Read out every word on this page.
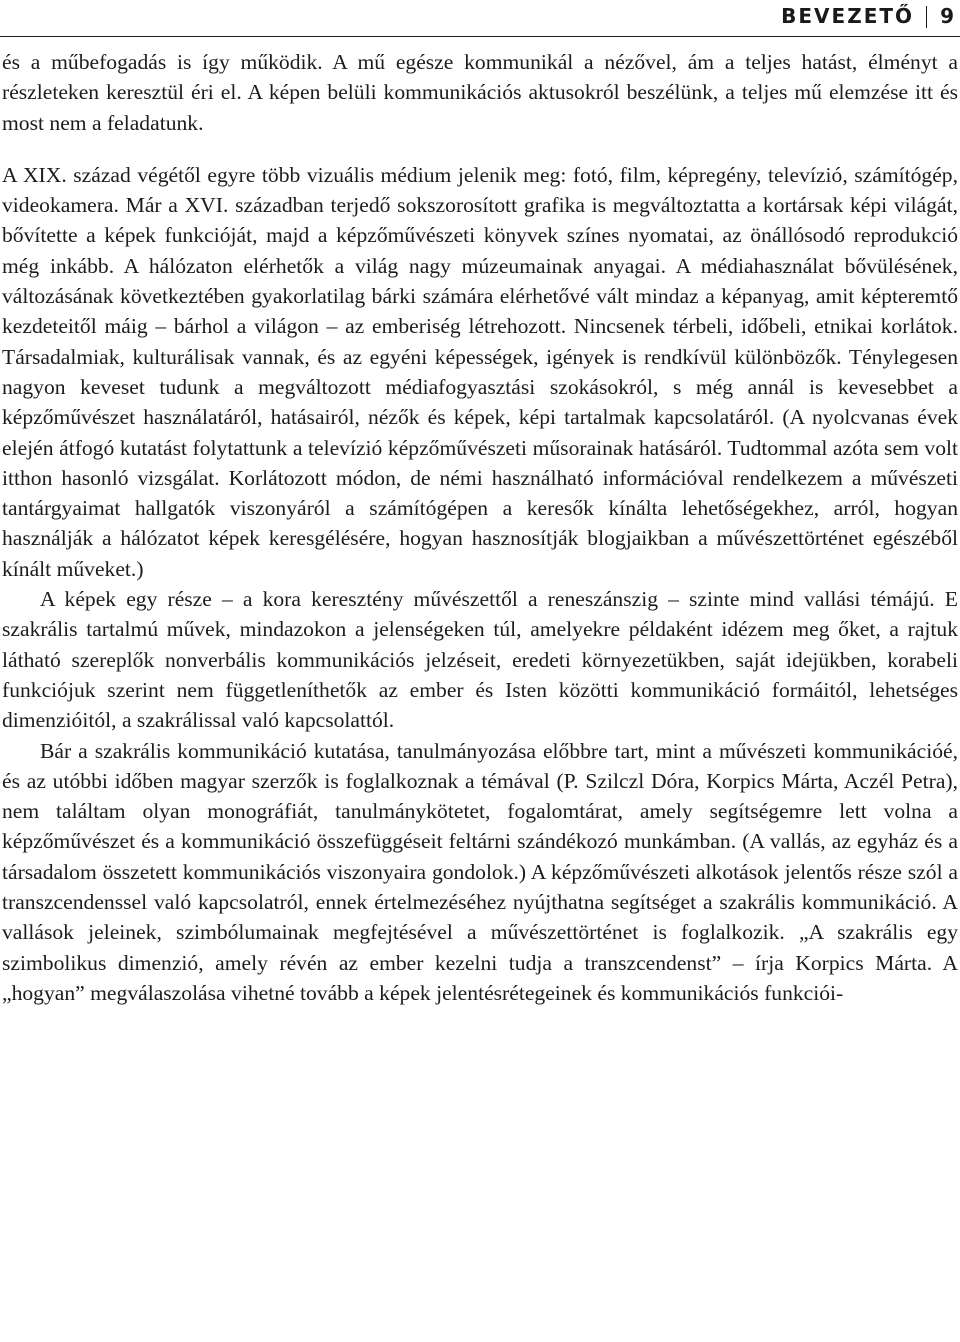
BEVEZETŐ 9

és a műbefogadás is így működik. A mű egésze kommunikál a nézővel, ám a teljes hatást, élményt a részleteken keresztül éri el. A képen belüli kommunikációs aktusokról beszélünk, a teljes mű elemzése itt és most nem a feladatunk.

A XIX. század végétől egyre több vizuális médium jelenik meg: fotó, film, képregény, televízió, számítógép, videokamera. Már a XVI. században terjedő sokszorosított grafika is megváltoztatta a kortársak képi világát, bővítette a képek funkcióját, majd a képzőművészeti könyvek színes nyomatai, az önállósodó reprodukció még inkább. A hálózaton elérhetők a világ nagy múzeumainak anyagai. A médiahasználat bővülésének, változásának következtében gyakorlatilag bárki számára elérhetővé vált mindaz a képanyag, amit képteremtő kezdeteitől máig – bárhol a világon – az emberiség létrehozott. Nincsenek térbeli, időbeli, etnikai korlátok. Társadalmiak, kulturálisak vannak, és az egyéni képességek, igények is rendkívül különbözők. Ténylegesen nagyon keveset tudunk a megváltozott médiafogyasztási szokásokról, s még annál is kevesebbet a képzőművészet használatáról, hatásairól, nézők és képek, képi tartalmak kapcsolatáról. (A nyolcvanas évek elején átfogó kutatást folytattunk a televízió képzőművészeti műsorainak hatásáról. Tudtommal azóta sem volt itthon hasonló vizsgálat. Korlátozott módon, de némi használható információval rendelkezem a művészeti tantárgyaimat hallgatók viszonyáról a számítógépen a keresők kínálta lehetőségekhez, arról, hogyan használják a hálózatot képek keresgélésére, hogyan hasznosítják blogjaikban a művészettörténet egészéből kínált műveket.)

A képek egy része – a kora keresztény művészettől a reneszánszig – szinte mind vallási témájú. E szakrális tartalmú művek, mindazokon a jelenségeken túl, amelyekre példaként idézem meg őket, a rajtuk látható szereplők nonverbális kommunikációs jelzéseit, eredeti környezetükben, saját idejükben, korabeli funkciójuk szerint nem függetleníthetők az ember és Isten közötti kommunikáció formáitól, lehetséges dimenzióitól, a szakrálissal való kapcsolattól.

Bár a szakrális kommunikáció kutatása, tanulmányozása előbbre tart, mint a művészeti kommunikációé, és az utóbbi időben magyar szerzők is foglalkoznak a témával (P. Szilczl Dóra, Korpics Márta, Aczél Petra), nem találtam olyan monográfiát, tanulmánykötetet, fogalomtárat, amely segítségemre lett volna a képzőművészet és a kommunikáció összefüggéseit feltárni szándékozó munkámban. (A vallás, az egyház és a társadalom összetett kommunikációs viszonyaira gondolok.) A képzőművészeti alkotások jelentős része szól a transzcendenssel való kapcsolatról, ennek értelmezéséhez nyújthatna segítséget a szakrális kommunikáció. A vallások jeleinek, szimbólumainak megfejtésével a művészettörténet is foglalkozik. „A szakrális egy szimbolikus dimenzió, amely révén az ember kezelni tudja a transzcendenst” – írja Korpics Márta. A „hogyan” megválaszolása vihetné tovább a képek jelentésrétegeinek és kommunikációs funkciói-
